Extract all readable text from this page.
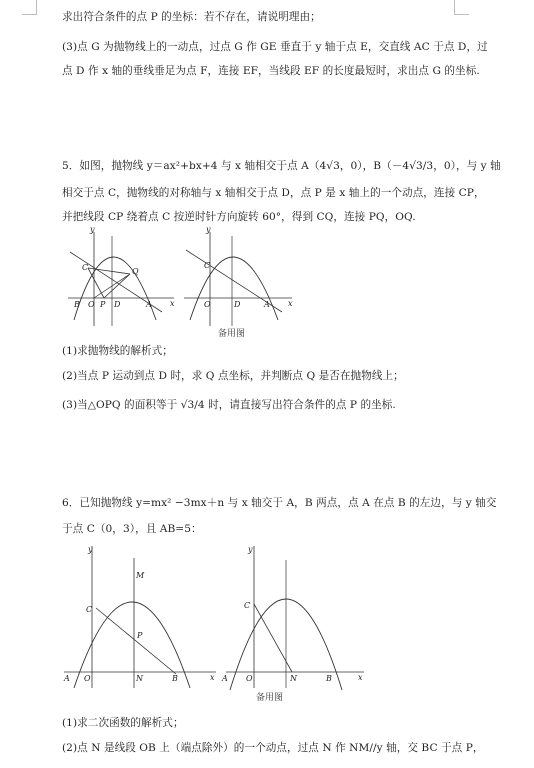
求出符合条件的点 P 的坐标：若不存在，请说明理由；
(3)点 G 为抛物线上的一动点，过点 G 作 GE 垂直于 y 轴于点 E，交直线 AC 于点 D，过
点 D 作 x 轴的垂线垂足为点 F，连接 EF，当线段 EF 的长度最短时，求出点 G 的坐标.
5．如图，抛物线 y＝ax²+bx+4 与 x 轴相交于点 A（4√3，0），B（－4√3/3，0），与 y 轴
相交于点 C，抛物线的对称轴与 x 轴相交于点 D，点 P 是 x 轴上的一个动点，连接 CP，
并把线段 CP 绕着点 C 按逆时针方向旋转 60°，得到 CQ，连接 PQ，OQ.
y
x
C	Q
B O P D	A
y
x
C
O	D	A
备用图
(1)求抛物线的解析式；
(2)当点 P 运动到点 D 时，求 Q 点坐标，并判断点 Q 是否在抛物线上；
(3)当△OPQ 的面积等于 √3/4 时，请直接写出符合条件的点 P 的坐标.
6．已知抛物线 y=mx² −3mx＋n 与 x 轴交于 A，B 两点，点 A 在点 B 的左边，与 y 轴交
于点 C（0，3），且 AB=5：
y
x
M
C
P
A O	N	B
y
x
C
A O	N	B
备用图
(1)求二次函数的解析式；
(2)点 N 是线段 OB 上（端点除外）的一个动点，过点 N 作 NM//y 轴，交 BC 于点 P，
